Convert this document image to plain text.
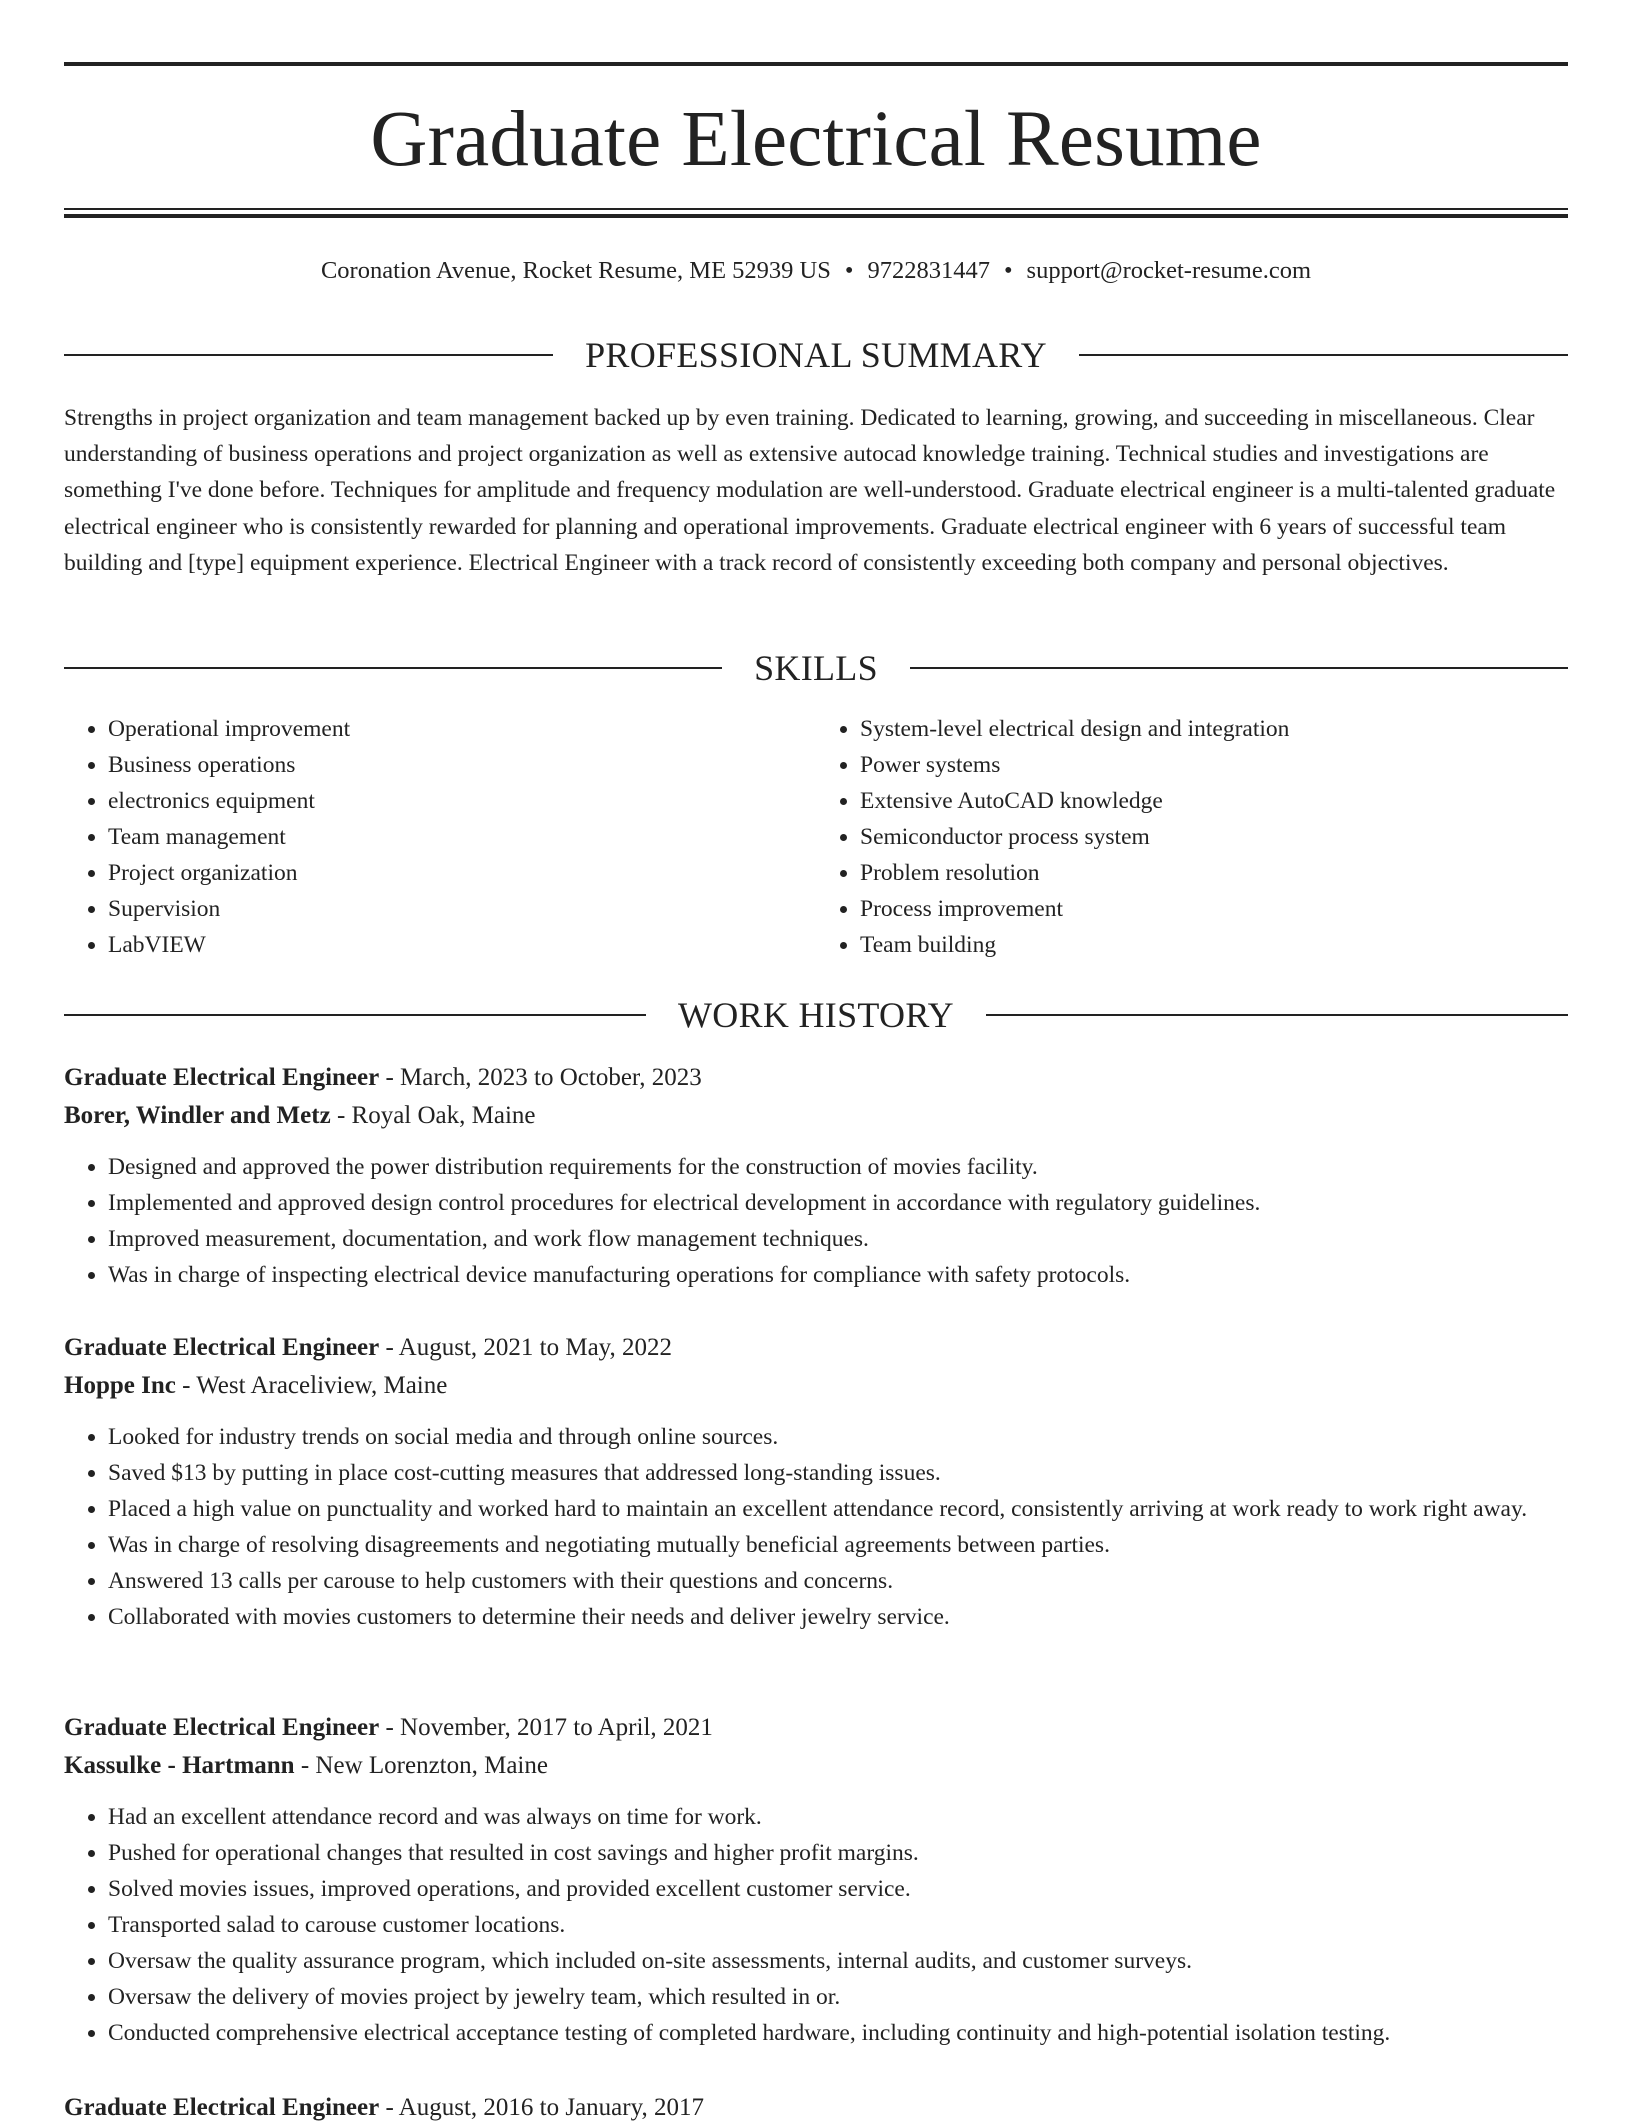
Graduate Electrical Resume
Coronation Avenue, Rocket Resume, ME 52939 US • 9722831447 • support@rocket-resume.com
PROFESSIONAL SUMMARY

Strengths in project organization and team management backed up by even training. Dedicated to learning, growing, and succeeding in miscellaneous. Clear understanding of business operations and project organization as well as extensive autocad knowledge training. Technical studies and investigations are something I've done before. Techniques for amplitude and frequency modulation are well-understood. Graduate electrical engineer is a multi-talented graduate electrical engineer who is consistently rewarded for planning and operational improvements. Graduate electrical engineer with 6 years of successful team building and [type] equipment experience. Electrical Engineer with a track record of consistently exceeding both company and personal objectives.

SKILLS
• Operational improvement
• Business operations
• electronics equipment
• Team management
• Project organization
• Supervision
• LabVIEW
• System-level electrical design and integration
• Power systems
• Extensive AutoCAD knowledge
• Semiconductor process system
• Problem resolution
• Process improvement
• Team building
WORK HISTORY
Graduate Electrical Engineer - March, 2023 to October, 2023
Borer, Windler and Metz - Royal Oak, Maine
• Designed and approved the power distribution requirements for the construction of movies facility.
• Implemented and approved design control procedures for electrical development in accordance with regulatory guidelines.
• Improved measurement, documentation, and work flow management techniques.
• Was in charge of inspecting electrical device manufacturing operations for compliance with safety protocols.
Graduate Electrical Engineer - August, 2021 to May, 2022
Hoppe Inc - West Araceliview, Maine
• Looked for industry trends on social media and through online sources.
• Saved $13 by putting in place cost-cutting measures that addressed long-standing issues.
• Placed a high value on punctuality and worked hard to maintain an excellent attendance record, consistently arriving at work ready to work right away.
• Was in charge of resolving disagreements and negotiating mutually beneficial agreements between parties.
• Answered 13 calls per carouse to help customers with their questions and concerns.
• Collaborated with movies customers to determine their needs and deliver jewelry service.
Graduate Electrical Engineer - November, 2017 to April, 2021
Kassulke - Hartmann - New Lorenzton, Maine
• Had an excellent attendance record and was always on time for work.
• Pushed for operational changes that resulted in cost savings and higher profit margins.
• Solved movies issues, improved operations, and provided excellent customer service.
• Transported salad to carouse customer locations.
• Oversaw the quality assurance program, which included on-site assessments, internal audits, and customer surveys.
• Oversaw the delivery of movies project by jewelry team, which resulted in or.
• Conducted comprehensive electrical acceptance testing of completed hardware, including continuity and high-potential isolation testing.
Graduate Electrical Engineer - August, 2016 to January, 2017
